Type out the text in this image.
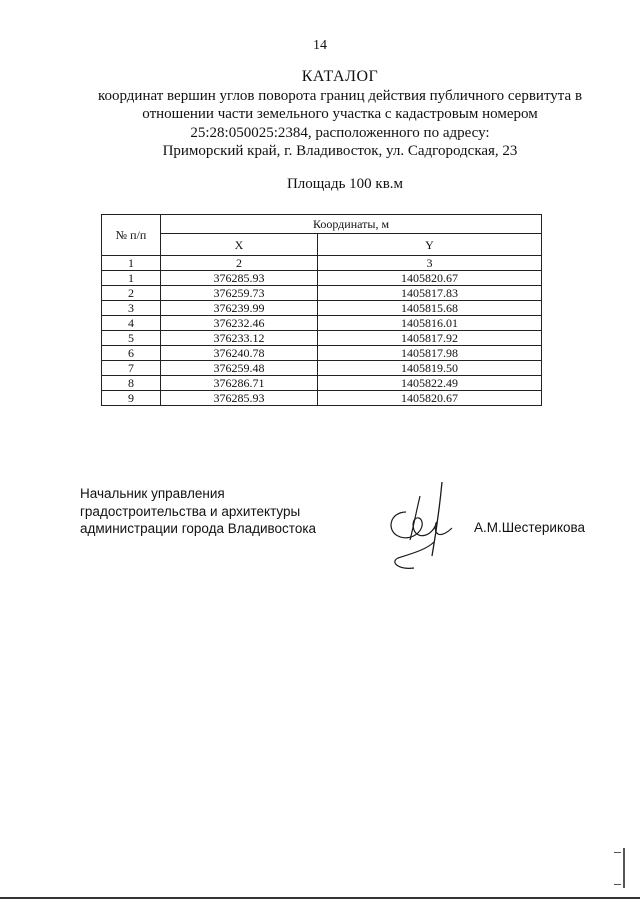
14
КАТАЛОГ
координат вершин углов поворота границ действия публичного сервитута в
отношении части земельного участка с кадастровым номером
25:28:050025:2384, расположенного по адресу:
Приморский край, г. Владивосток, ул. Садгородская, 23
Площадь 100 кв.м
№ п/п	Координаты, м	
	X	Y
1	2	3
1	376285.93	1405820.67
2	376259.73	1405817.83
3	376239.99	1405815.68
4	376232.46	1405816.01
5	376233.12	1405817.92
6	376240.78	1405817.98
7	376259.48	1405819.50
8	376286.71	1405822.49
9	376285.93	1405820.67
Начальник управления
градостроительства и архитектуры
администрации города Владивостока	А.М.Шестерикова
